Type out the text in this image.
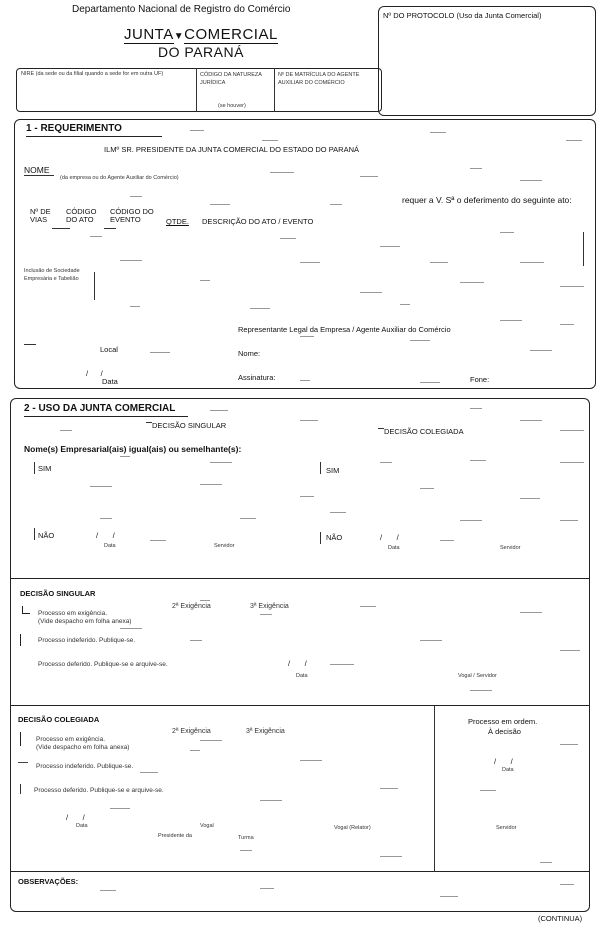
Departamento Nacional de Registro do Comércio
JUNTA▼COMERCIAL
DO PARANÁ
Nº DO PROTOCOLO (Uso da Junta Comercial)
NIRE (da sede ou da filial quando a sede for em outra UF)	CÓDIGO DA NATUREZA JURÍDICA
Nº DE MATRÍCULA DO AGENTE AUXILIAR DO COMÉRCIO
(se houver)
1 - REQUERIMENTO
ILMº SR. PRESIDENTE DA JUNTA COMERCIAL DO ESTADO DO PARANÁ
NOME
(da empresa ou do Agente Auxiliar do Comércio)
requer a V. Sª o deferimento do seguinte ato:
Nº DE VIAS
CÓDIGO DO ATO
CÓDIGO DO EVENTO	QTDE. DESCRIÇÃO DO ATO / EVENTO
Inclusão de Sociedade Empresária e Tabelião
Representante Legal da Empresa / Agente Auxiliar do Comércio
Local	Nome:
/      /
Data	Assinatura:	Fone:
2 - USO DA JUNTA COMERCIAL
DECISÃO SINGULAR
DECISÃO COLEGIADA
Nome(s) Empresarial(ais) igual(ais) ou semelhante(s):
SIM	SIM
NÃO	/       /
Data	Servidor
NÃO	/       /
Data	Servidor
DECISÃO SINGULAR
2ª Exigência	3ª Exigência
Processo em exigência.
(Vide despacho em folha anexa)
Processo indeferido. Publique-se.
Processo deferido. Publique-se e arquive-se.	/       /
Data	Vogal / Servidor
DECISÃO COLEGIADA
2ª Exigência	3ª Exigência
Processo em exigência.
(Vide despacho em folha anexa)
Processo indeferido. Publique-se.
Processo deferido. Publique-se e arquive-se.
/       /
Data	Vogal	Vogal (Relator)
Presidente da	Turma
Processo em ordem.
À decisão
/       /
Data
Servidor
OBSERVAÇÕES:
(CONTINUA)
